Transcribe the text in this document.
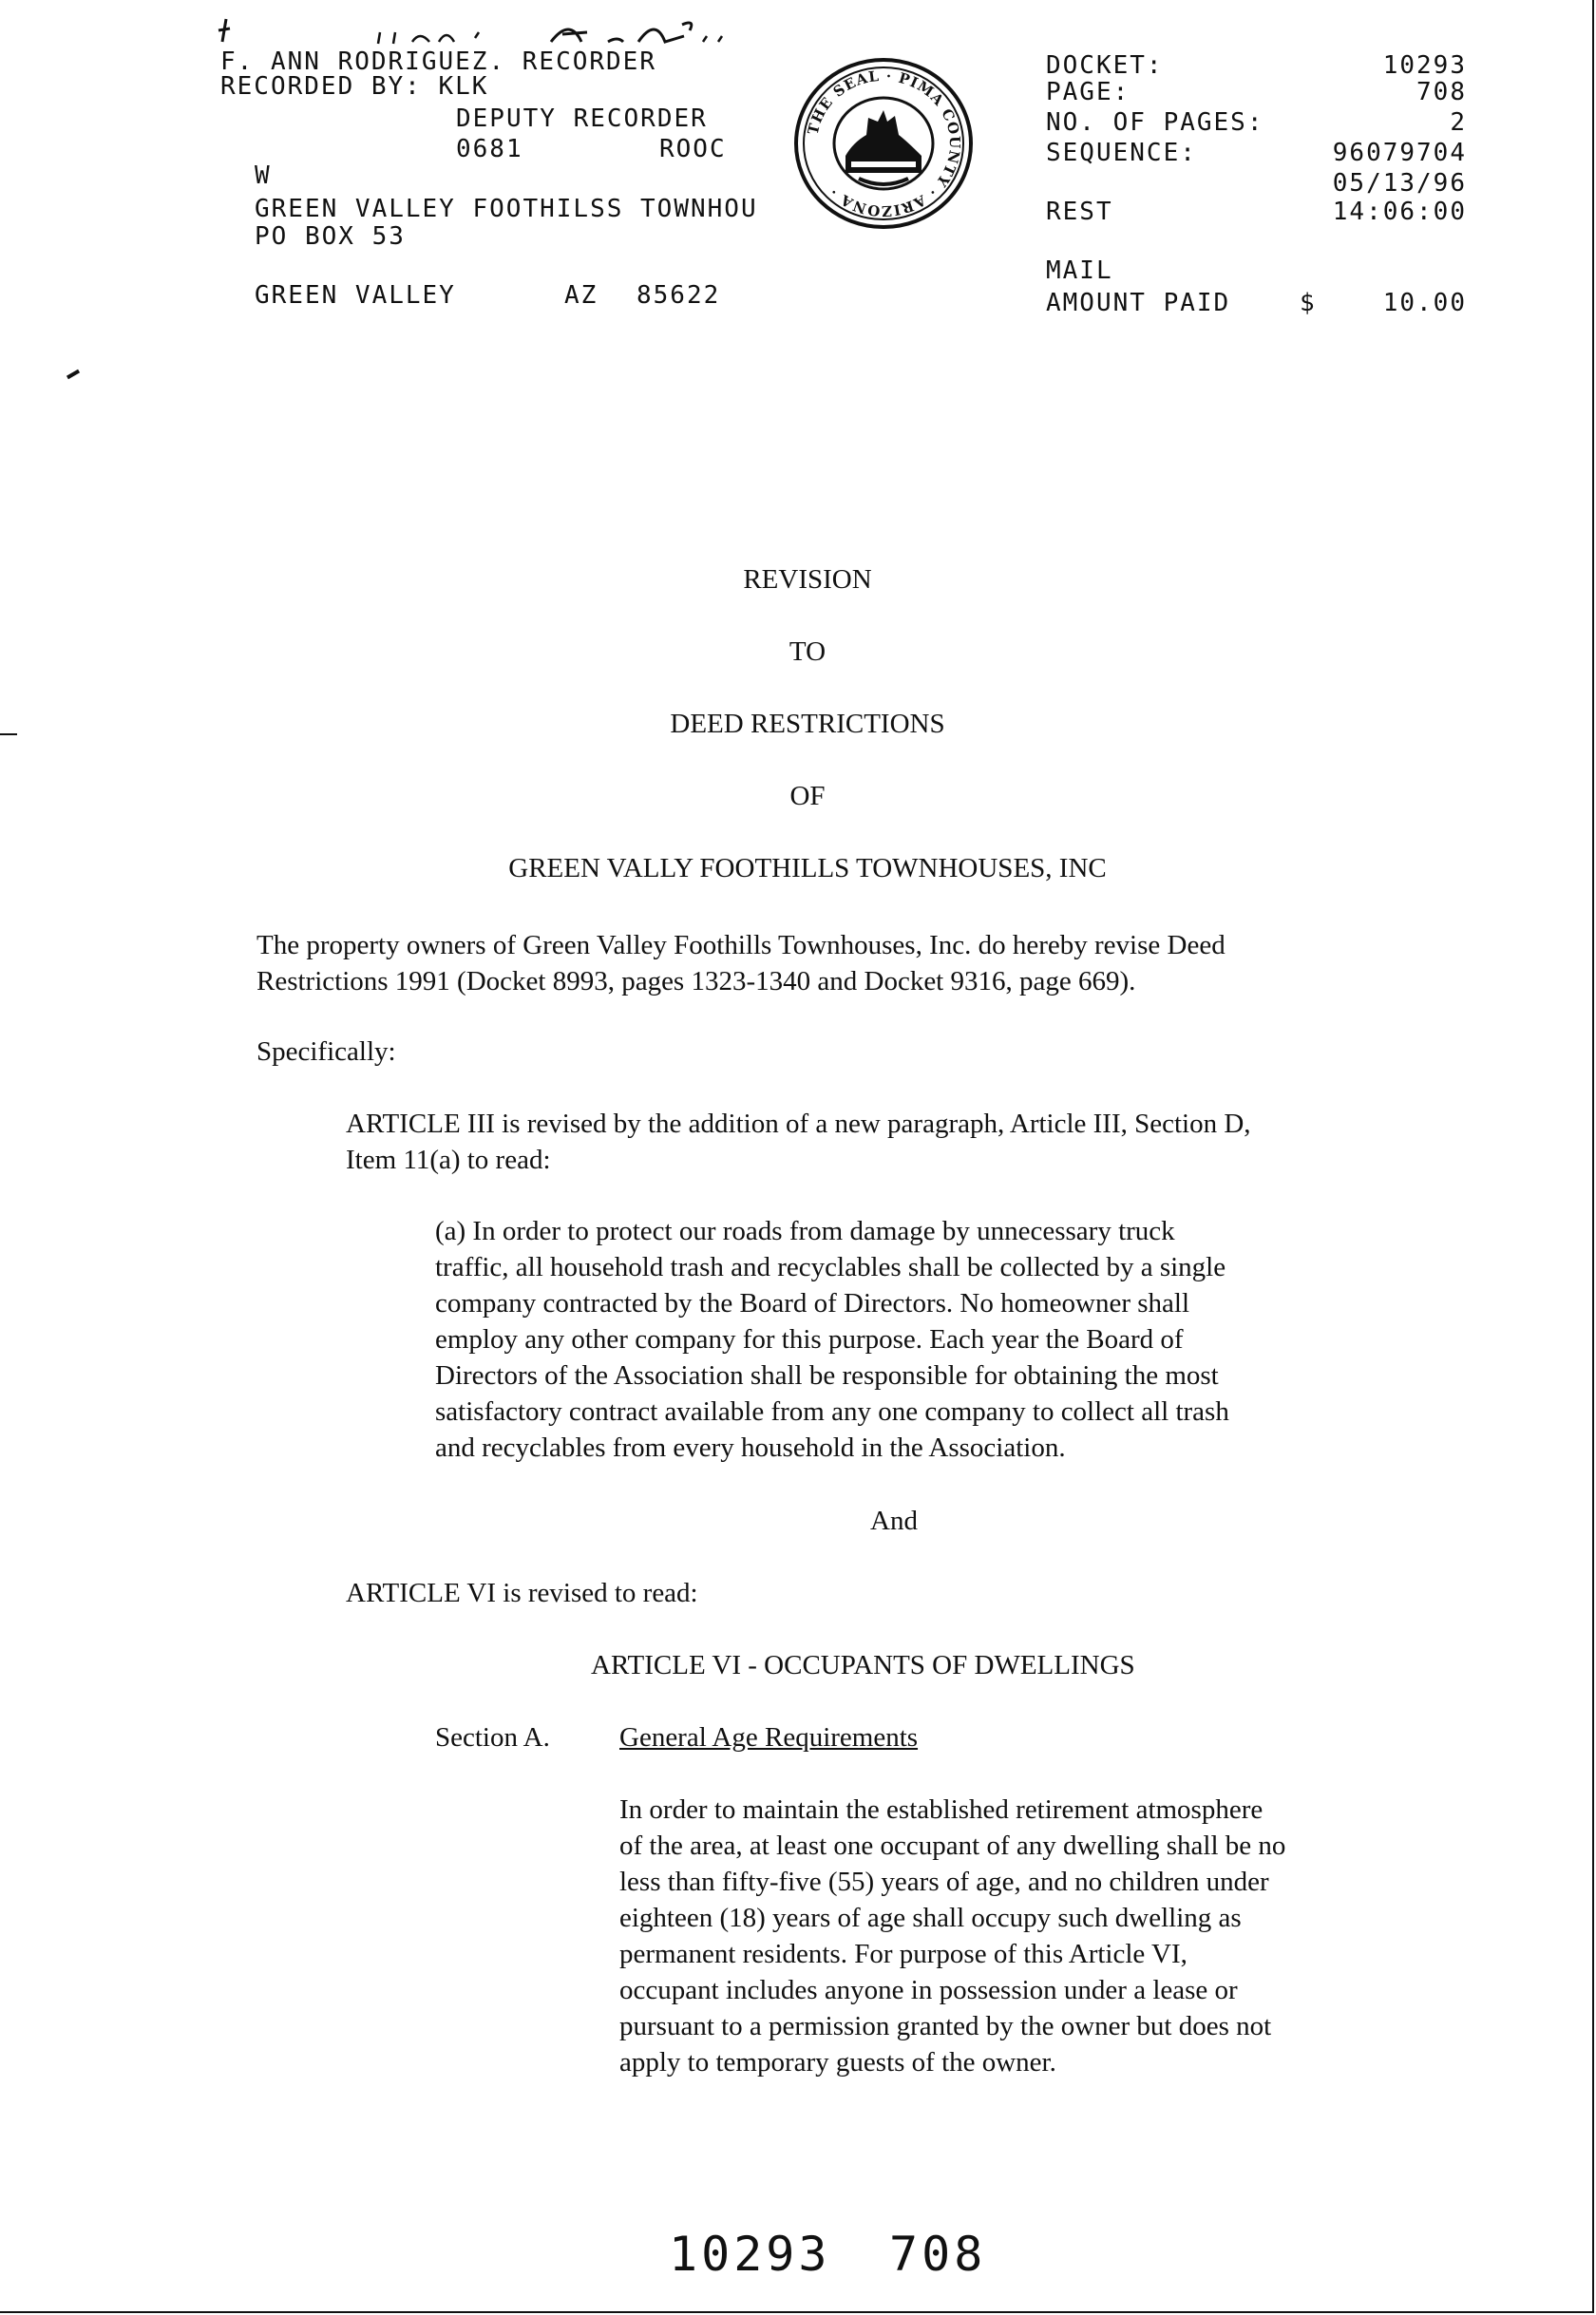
F. ANN RODRIGUEZ. RECORDER
RECORDED BY: KLK
DEPUTY RECORDER
0681	ROOC
W
GREEN VALLEY FOOTHILSS TOWNHOU
PO BOX 53
GREEN VALLEY	AZ 85622
THE SEAL · PIMA COUNTY · ARIZONA ·
DOCKET:	10293
PAGE:	708
NO. OF PAGES:	2
SEQUENCE:	96079704
05/13/96
REST	14:06:00
MAIL
AMOUNT PAID	$	10.00
REVISION
TO
DEED RESTRICTIONS
OF
GREEN VALLY FOOTHILLS TOWNHOUSES, INC

The property owners of Green Valley Foothills Townhouses, Inc. do hereby revise Deed

Restrictions 1991 (Docket 8993, pages 1323-1340 and Docket 9316, page 669).

Specifically:

ARTICLE III is revised by the addition of a new paragraph, Article III, Section D,

Item 11(a) to read:

(a) In order to protect our roads from damage by unnecessary truck

traffic, all household trash and recyclables shall be collected by a single

company contracted by the Board of Directors. No homeowner shall

employ any other company for this purpose. Each year the Board of

Directors of the Association shall be responsible for obtaining the most

satisfactory contract available from any one company to collect all trash

and recyclables from every household in the Association.

And
ARTICLE VI is revised to read:
ARTICLE VI - OCCUPANTS OF DWELLINGS
Section A.	General Age Requirements

In order to maintain the established retirement atmosphere

of the area, at least one occupant of any dwelling shall be no

less than fifty-five (55) years of age, and no children under

eighteen (18) years of age shall occupy such dwelling as

permanent residents. For purpose of this Article VI,

occupant includes anyone in possession under a lease or

pursuant to a permission granted by the owner but does not

apply to temporary guests of the owner.

10293 708
